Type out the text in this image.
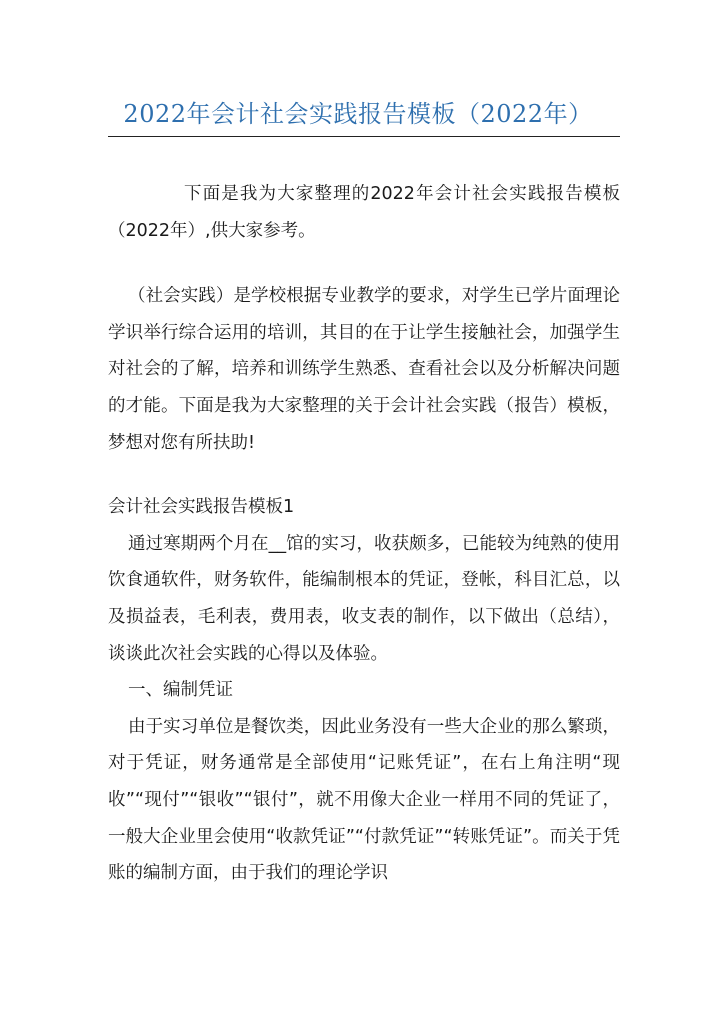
2022年会计社会实践报告模板（2022年）

下面是我为大家整理的2022年会计社会实践报告模板（2022年）,供大家参考。

（社会实践）是学校根据专业教学的要求，对学生已学片面理论学识举行综合运用的培训，其目的在于让学生接触社会，加强学生对社会的了解，培养和训练学生熟悉、查看社会以及分析解决问题的才能。下面是我为大家整理的关于会计社会实践（报告）模板，梦想对您有所扶助!

会计社会实践报告模板1

通过寒期两个月在__馆的实习，收获颇多，已能较为纯熟的使用饮食通软件，财务软件，能编制根本的凭证，登帐，科目汇总，以及损益表，毛利表，费用表，收支表的制作，以下做出（总结），谈谈此次社会实践的心得以及体验。

一、编制凭证

由于实习单位是餐饮类，因此业务没有一些大企业的那么繁琐，对于凭证，财务通常是全部使用“记账凭证”，在右上角注明“现收”“现付”“银收”“银付”，就不用像大企业一样用不同的凭证了，一般大企业里会使用“收款凭证”“付款凭证”“转账凭证”。而关于凭账的编制方面，由于我们的理论学识
